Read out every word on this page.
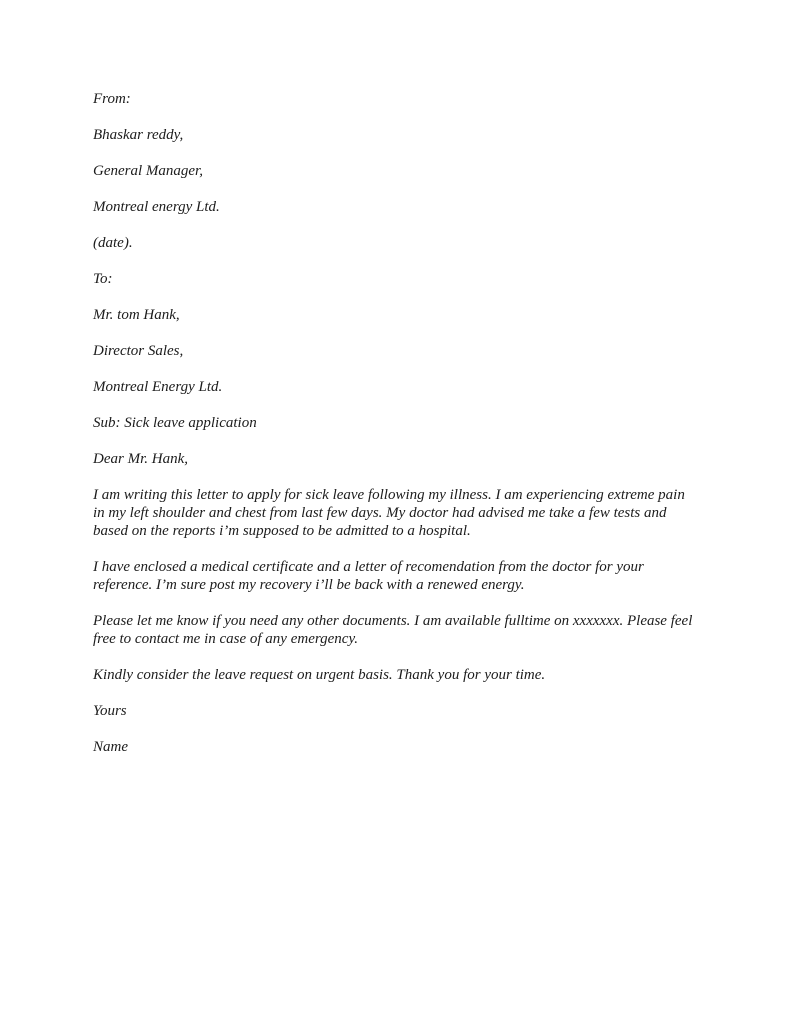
From:
Bhaskar reddy,
General Manager,
Montreal energy Ltd.
(date).
To:
Mr. tom Hank,
Director Sales,
Montreal Energy Ltd.
Sub: Sick leave application
Dear Mr. Hank,
I am writing this letter to apply for sick leave following my illness. I am experiencing extreme pain in my left shoulder and chest from last few days. My doctor had advised me take a few tests and based on the reports i’m supposed to be admitted to a hospital.
I have enclosed a medical certificate and a letter of recomendation from the doctor for your reference. I’m sure post my recovery i’ll be back with a renewed energy.
Please let me know if you need any other documents. I am available fulltime on xxxxxxx. Please feel free to contact me in case of any emergency.
Kindly consider the leave request on urgent basis. Thank you for your time.
Yours
Name
